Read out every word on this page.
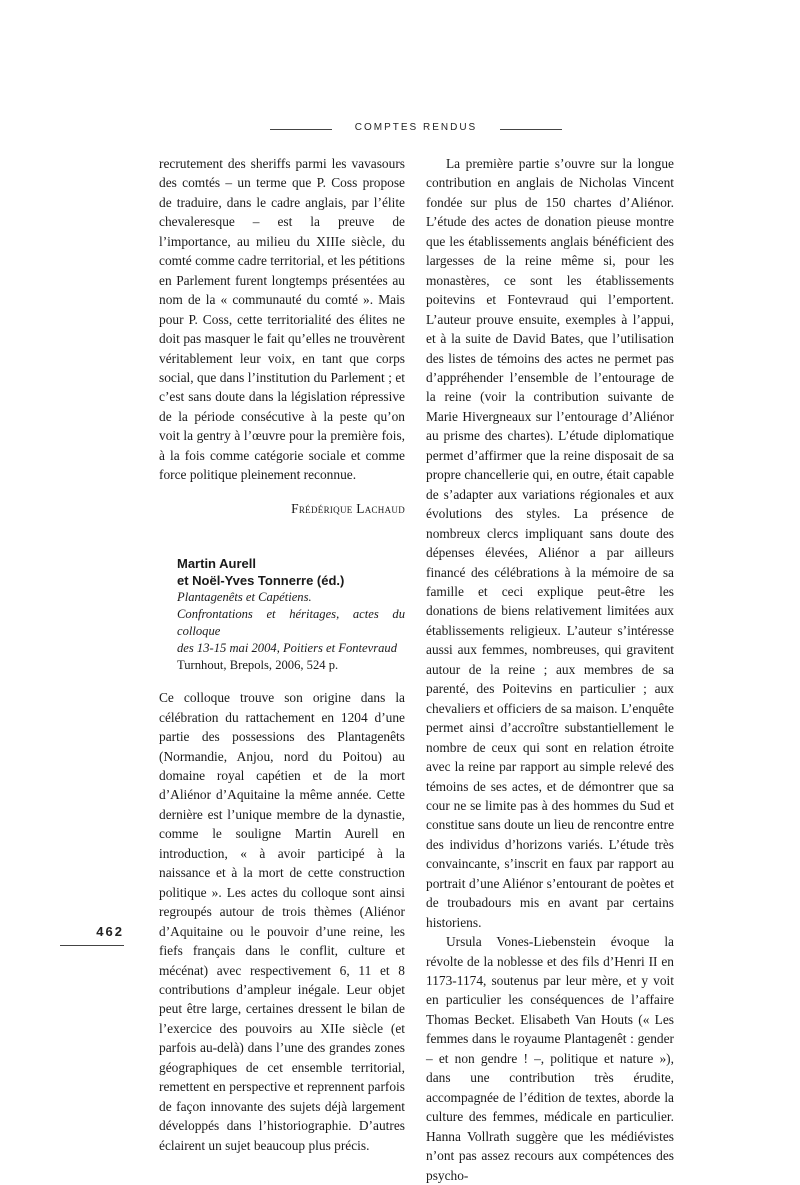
COMPTES RENDUS

recrutement des sheriffs parmi les vavasours des comtés – un terme que P. Coss propose de traduire, dans le cadre anglais, par l’élite chevaleresque – est la preuve de l’importance, au milieu du XIIIe siècle, du comté comme cadre territorial, et les pétitions en Parlement furent longtemps présentées au nom de la « communauté du comté ». Mais pour P. Coss, cette territorialité des élites ne doit pas masquer le fait qu’elles ne trouvèrent véritablement leur voix, en tant que corps social, que dans l’institution du Parlement ; et c’est sans doute dans la législation répressive de la période consécutive à la peste qu’on voit la gentry à l’œuvre pour la première fois, à la fois comme catégorie sociale et comme force politique pleinement reconnue.

Frédérique Lachaud
Martin Aurell
et Noël-Yves Tonnerre (éd.)
Plantagenêts et Capétiens.
Confrontations et héritages, actes du colloque
des 13-15 mai 2004, Poitiers et Fontevraud
Turnhout, Brepols, 2006, 524 p.

Ce colloque trouve son origine dans la célébration du rattachement en 1204 d’une partie des possessions des Plantagenêts (Normandie, Anjou, nord du Poitou) au domaine royal capétien et de la mort d’Aliénor d’Aquitaine la même année. Cette dernière est l’unique membre de la dynastie, comme le souligne Martin Aurell en introduction, « à avoir participé à la naissance et à la mort de cette construction politique ». Les actes du colloque sont ainsi regroupés autour de trois thèmes (Aliénor d’Aquitaine ou le pouvoir d’une reine, les fiefs français dans le conflit, culture et mécénat) avec respectivement 6, 11 et 8 contributions d’ampleur inégale. Leur objet peut être large, certaines dressent le bilan de l’exercice des pouvoirs au XIIe siècle (et parfois au-delà) dans l’une des grandes zones géographiques de cet ensemble territorial, remettent en perspective et reprennent parfois de façon innovante des sujets déjà largement développés dans l’historiographie. D’autres éclairent un sujet beaucoup plus précis.

La première partie s’ouvre sur la longue contribution en anglais de Nicholas Vincent fondée sur plus de 150 chartes d’Aliénor. L’étude des actes de donation pieuse montre que les établissements anglais bénéficient des largesses de la reine même si, pour les monastères, ce sont les établissements poitevins et Fontevraud qui l’emportent. L’auteur prouve ensuite, exemples à l’appui, et à la suite de David Bates, que l’utilisation des listes de témoins des actes ne permet pas d’appréhender l’ensemble de l’entourage de la reine (voir la contribution suivante de Marie Hivergneaux sur l’entourage d’Aliénor au prisme des chartes). L’étude diplomatique permet d’affirmer que la reine disposait de sa propre chancellerie qui, en outre, était capable de s’adapter aux variations régionales et aux évolutions des styles. La présence de nombreux clercs impliquant sans doute des dépenses élevées, Aliénor a par ailleurs financé des célébrations à la mémoire de sa famille et ceci explique peut-être les donations de biens relativement limitées aux établissements religieux. L’auteur s’intéresse aussi aux femmes, nombreuses, qui gravitent autour de la reine ; aux membres de sa parenté, des Poitevins en particulier ; aux chevaliers et officiers de sa maison. L’enquête permet ainsi d’accroître substantiellement le nombre de ceux qui sont en relation étroite avec la reine par rapport au simple relevé des témoins de ses actes, et de démontrer que sa cour ne se limite pas à des hommes du Sud et constitue sans doute un lieu de rencontre entre des individus d’horizons variés. L’étude très convaincante, s’inscrit en faux par rapport au portrait d’une Aliénor s’entourant de poètes et de troubadours mis en avant par certains historiens.

Ursula Vones-Liebenstein évoque la révolte de la noblesse et des fils d’Henri II en 1173-1174, soutenus par leur mère, et y voit en particulier les conséquences de l’affaire Thomas Becket. Elisabeth Van Houts (« Les femmes dans le royaume Plantagenêt : gender – et non gendre ! –, politique et nature »), dans une contribution très érudite, accompagnée de l’édition de textes, aborde la culture des femmes, médicale en particulier. Hanna Vollrath suggère que les médiévistes n’ont pas assez recours aux compétences des psycho-

462
